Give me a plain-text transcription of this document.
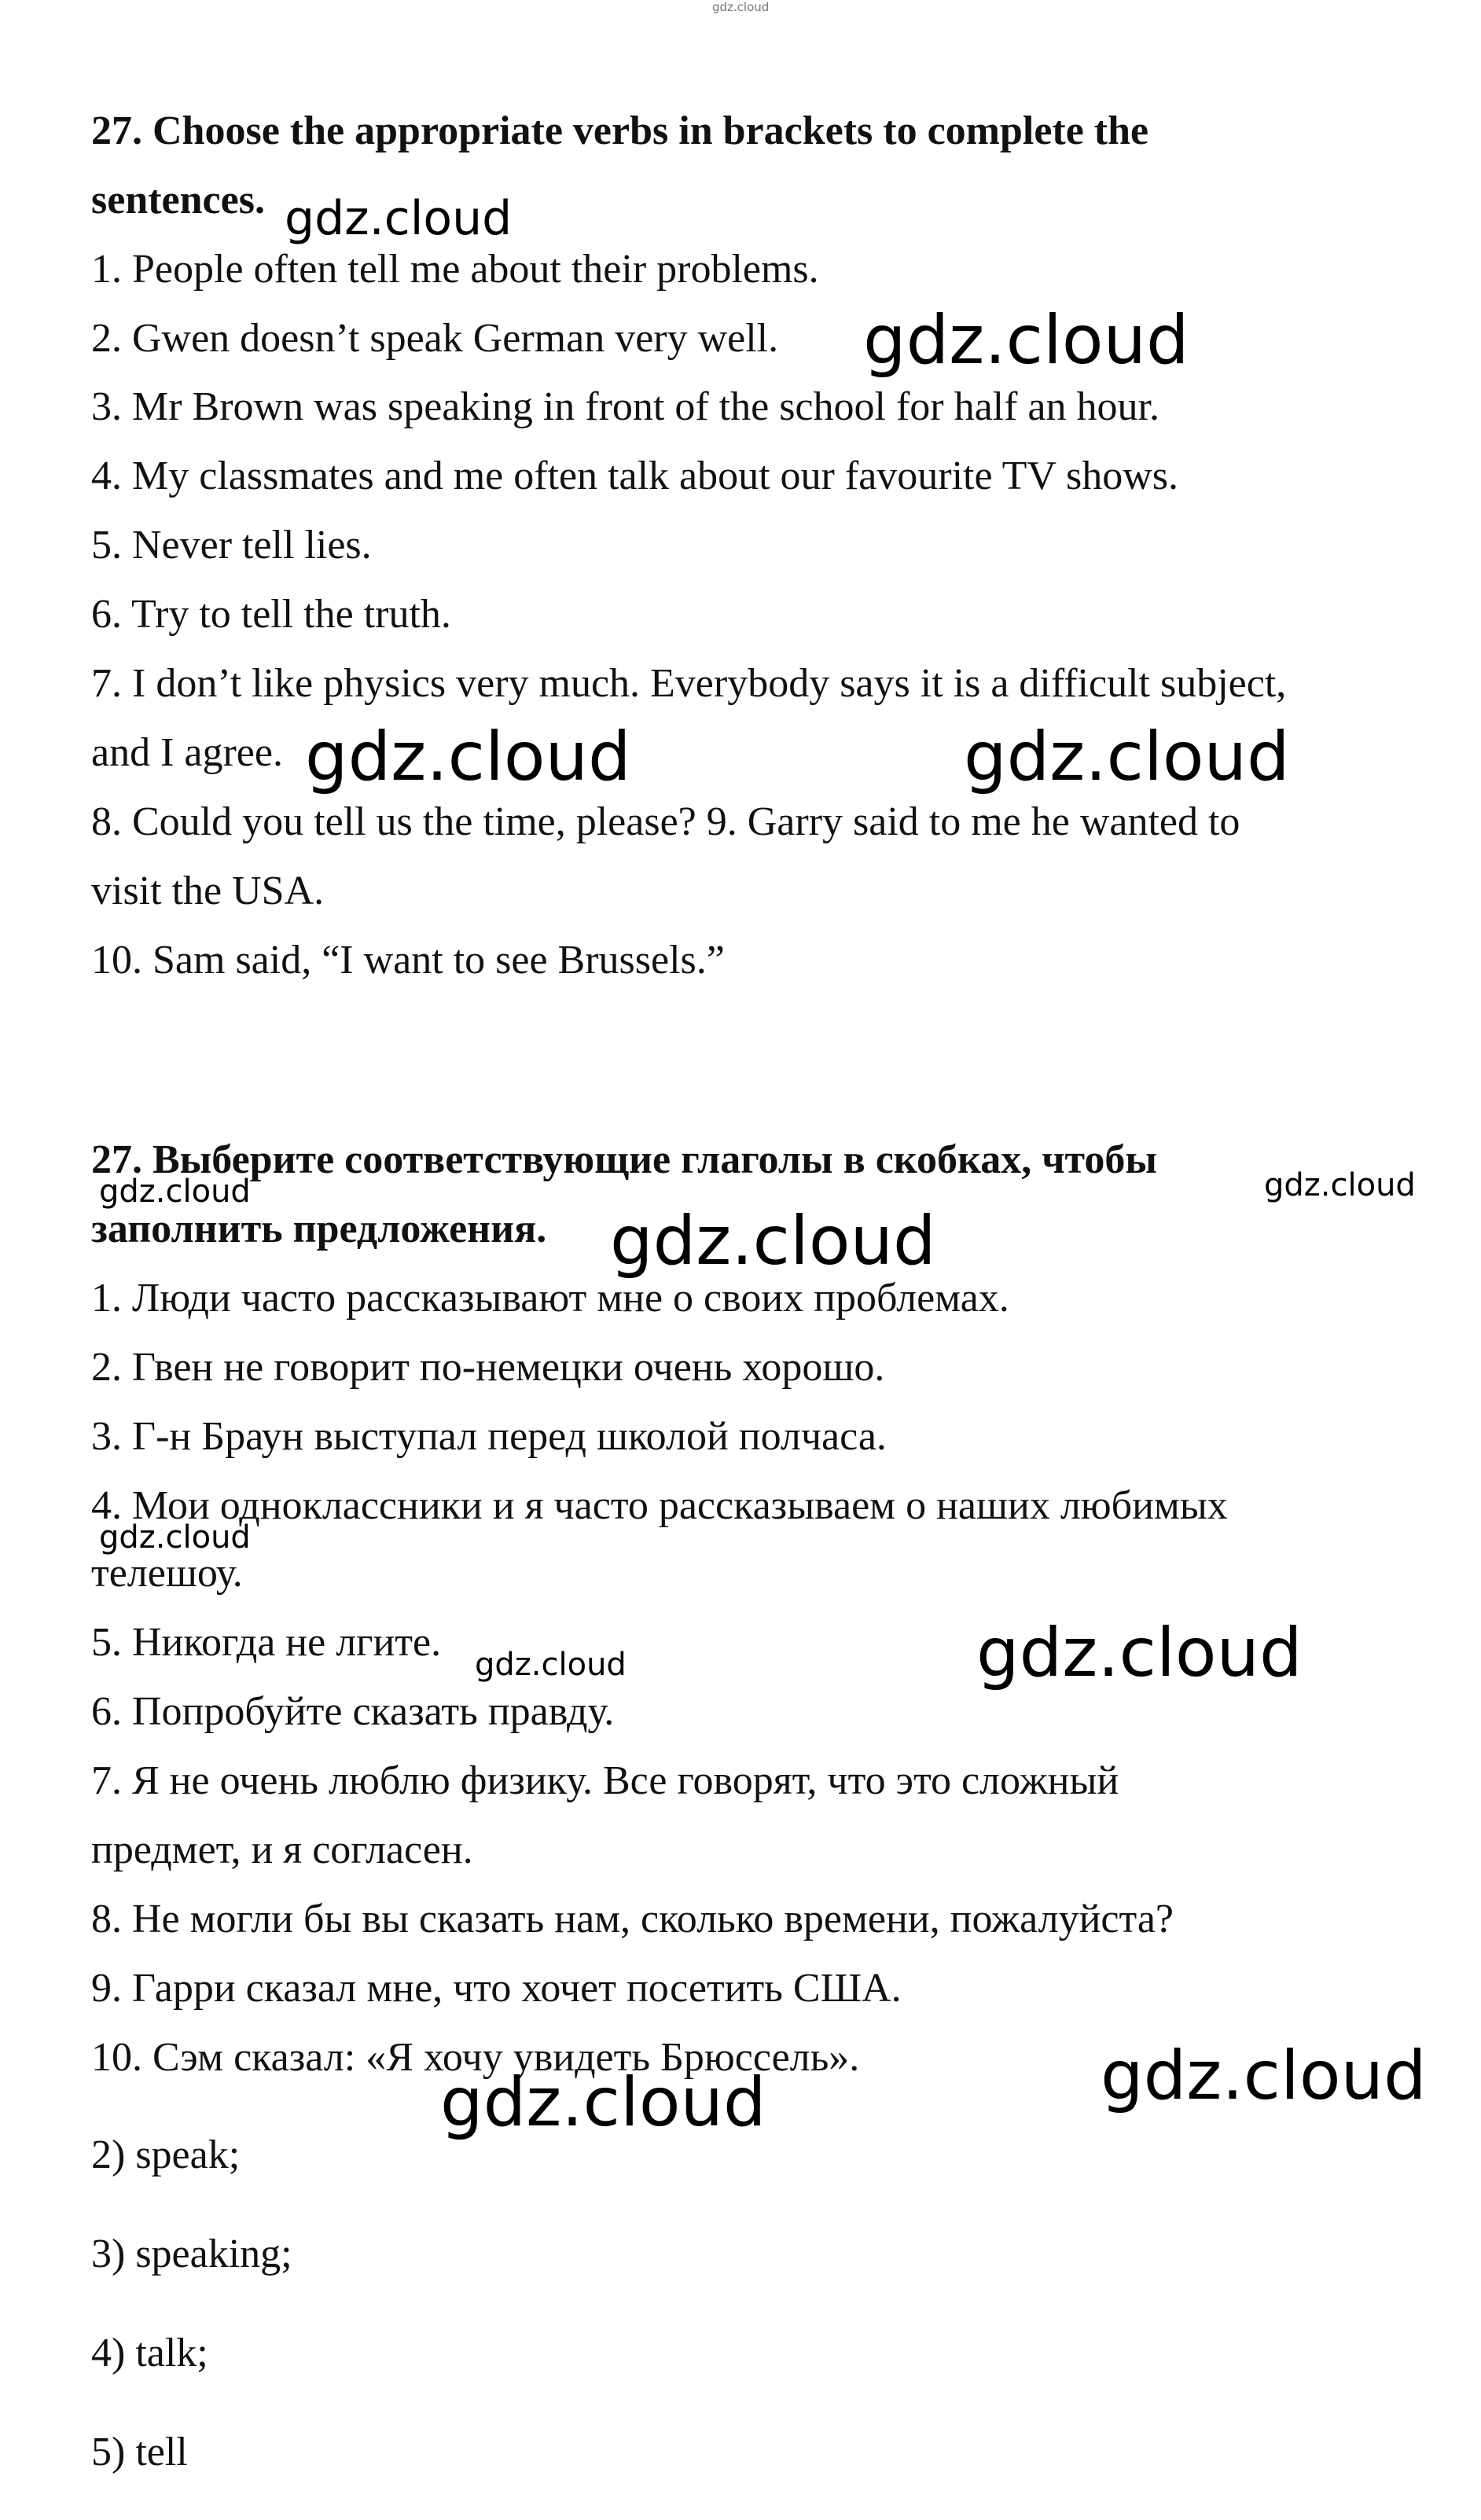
gdz.cloud
27. Choose the appropriate verbs in brackets to complete the
sentences.
1. People often tell me about their problems.
2. Gwen doesn’t speak German very well.
3. Mr Brown was speaking in front of the school for half an hour.
4. My classmates and me often talk about our favourite TV shows.
5. Never tell lies.
6. Try to tell the truth.
7. I don’t like physics very much. Everybody says it is a difficult subject,
and I agree.
8. Could you tell us the time, please? 9. Garry said to me he wanted to
visit the USA.
10. Sam said, “I want to see Brussels.”
27. Выберите соответствующие глаголы в скобках, чтобы
заполнить предложения.
1. Люди часто рассказывают мне о своих проблемах.
2. Гвен не говорит по-немецки очень хорошо.
3. Г-н Браун выступал перед школой полчаса.
4. Мои одноклассники и я часто рассказываем о наших любимых
телешоу.
5. Никогда не лгите.
6. Попробуйте сказать правду.
7. Я не очень люблю физику. Все говорят, что это сложный
предмет, и я согласен.
8. Не могли бы вы сказать нам, сколько времени, пожалуйста?
9. Гарри сказал мне, что хочет посетить США.
10. Сэм сказал: «Я хочу увидеть Брюссель».
2) speak;
3) speaking;
4) talk;
5) tell
gdz.cloud
gdz.cloud
gdz.cloud	gdz.cloud
gdz.cloud	gdz.cloud
gdz.cloud
gdz.cloud
gdz.cloud	gdz.cloud
gdz.cloud
gdz.cloud
